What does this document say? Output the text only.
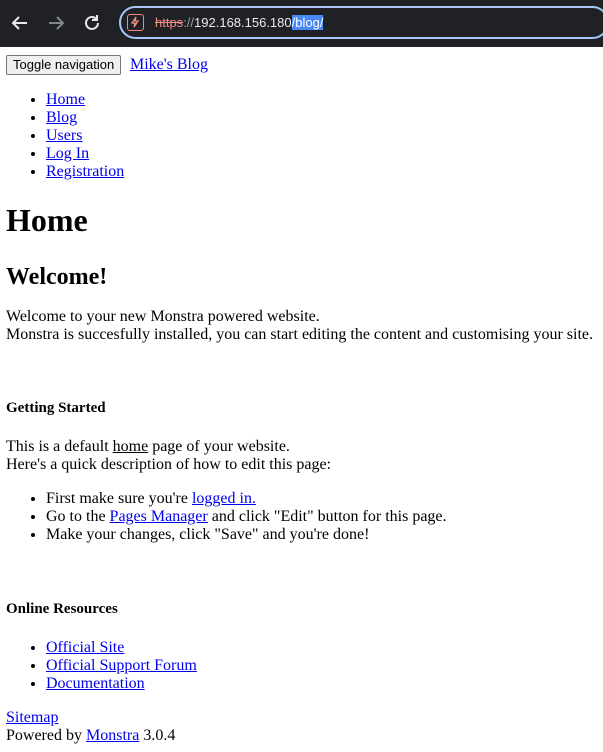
https://192.168.156.180/blog/
Toggle navigation Mike's Blog
• Home
• Blog
• Users
• Log In
• Registration
Home
Welcome!

Welcome to your new Monstra powered website.
Monstra is succesfully installed, you can start editing the content and customising your site.

Getting Started

This is a default home page of your website.
Here's a quick description of how to edit this page:

• First make sure you're logged in.
• Go to the Pages Manager and click "Edit" button for this page.
• Make your changes, click "Save" and you're done!
Online Resources
• Official Site
• Official Support Forum
• Documentation
Sitemap
Powered by Monstra 3.0.4
